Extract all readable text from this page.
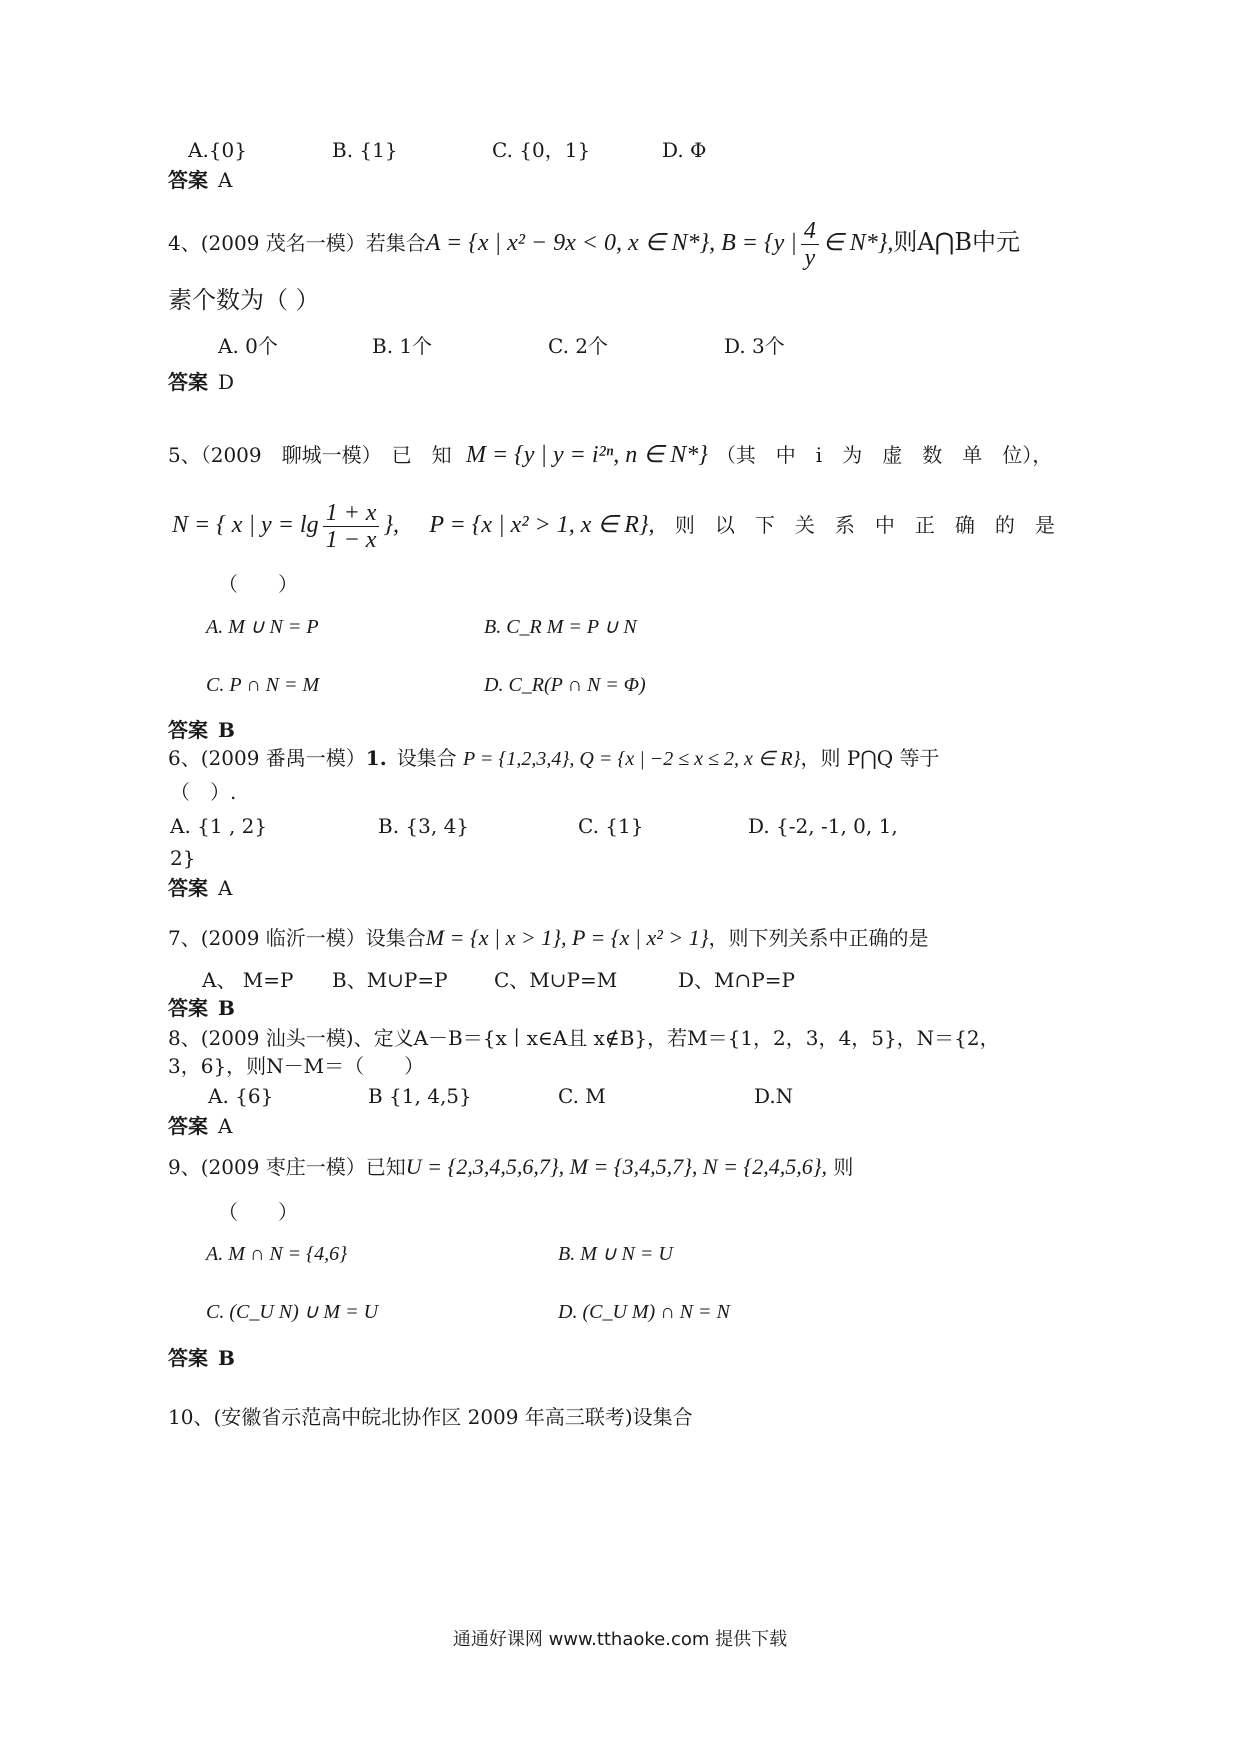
A.{0}	B. {1}	C. {0，1}	D. Φ
答案 A
4、(2009 茂名一模）若集合A = {x | x² − 9x < 0, x ∈ N*}, B = {y | $\frac{4}{y}$ ∈ N*},则A⋂B中元
素个数为（ ）
A. 0个	B. 1个	C. 2个	D. 3个
答案 D
5、（2009　聊城一模）　已　知 M = {y | y = i²ⁿ, n ∈ N*} （其　中　i　为　虚　数　单　位），
N = { x | $y = \lg \frac{1 + x}{1 - x}$ }, P = {x | x² > 1, x ∈ R}, 则　以　下　关　系　中　正　确　的　是
（　　）
A. M ∪ N = P	B. C_R M = P ∪ N
C. P ∩ N = M	D. C_R(P ∩ N = Φ)
答案 B
6、(2009 番禺一模）1. 设集合 P = {1,2,3,4}, Q = {x | −2 ≤ x ≤ 2, x ∈ R}，则 P⋂Q 等于
（　）.
A. {1 , 2}	B. {3, 4}	C. {1}	D. {-2, -1, 0, 1,
2}
答案 A
7、(2009 临沂一模）设集合M = {x | x > 1}, P = {x | x² > 1}，则下列关系中正确的是
A、 M=P B、M∪P=P C、M∪P=M	D、M∩P=P
答案 B
8、(2009 汕头一模)、定义A－B＝{x丨x∈A且 x∉B}，若M＝{1，2，3，4，5}，N＝{2，
3，6}，则N－M＝（　　）
A. {6}	B {1, 4,5}	C. M	D.N
答案 A
9、(2009 枣庄一模）已知U = {2,3,4,5,6,7}, M = {3,4,5,7}, N = {2,4,5,6}, 则
（　　）
A. M ∩ N = {4,6}	B. M ∪ N = U
C. (C_U N) ∪ M = U	D. (C_U M) ∩ N = N
答案 B
10、(安徽省示范高中皖北协作区 2009 年高三联考)设集合
通通好课网 www.tthaoke.com 提供下载
